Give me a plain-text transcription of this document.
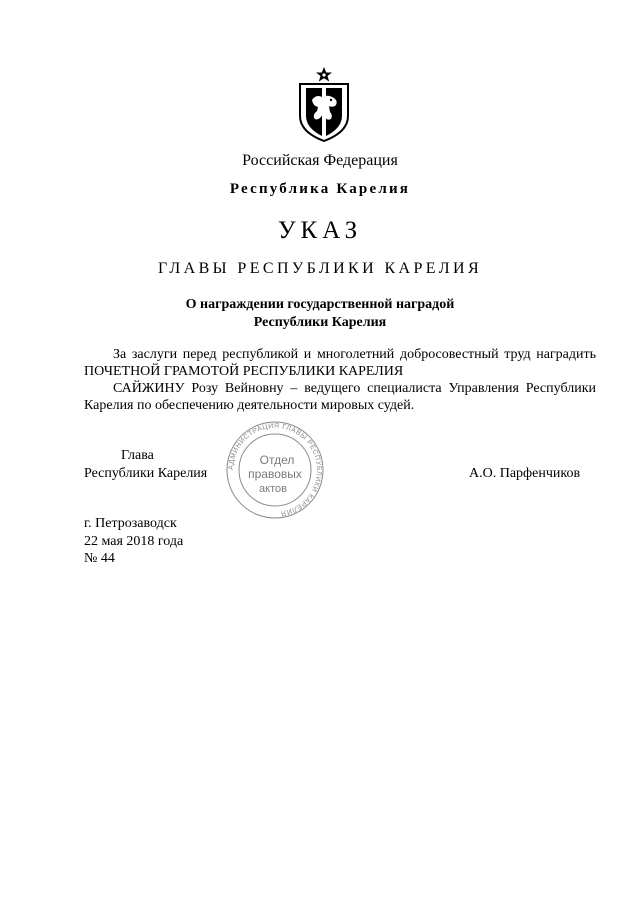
Российская Федерация
Республика Карелия
УКАЗ
ГЛАВЫ РЕСПУБЛИКИ КАРЕЛИЯ
О награждении государственной наградой
Республики Карелия

За заслуги перед республикой и многолетний добросовестный труд наградить ПОЧЕТНОЙ ГРАМОТОЙ РЕСПУБЛИКИ КАРЕЛИЯ

САЙЖИНУ Розу Вейновну – ведущего специалиста Управления Республики Карелия по обеспечению деятельности мировых судей.

АДМИНИСТРАЦИЯ ГЛАВЫ РЕСПУБЛИКИ КАРЕЛИЯ
Отдел
правовых
актов
Глава
Республики Карелия	А.О. Парфенчиков
г. Петрозаводск
22 мая 2018 года
№ 44
